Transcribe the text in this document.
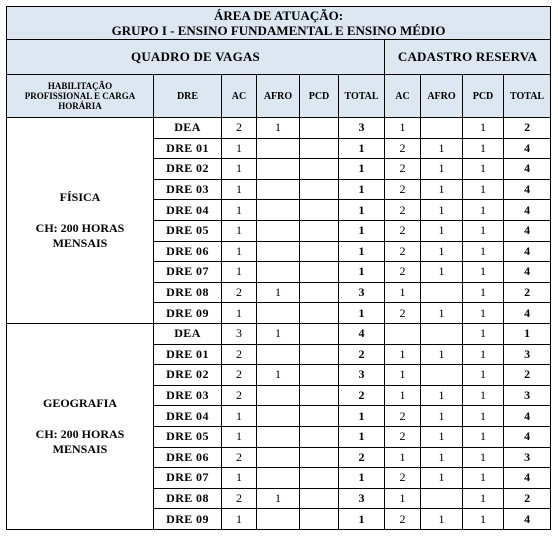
ÁREA DE ATUAÇÃO:
GRUPO I - ENSINO FUNDAMENTAL E ENSINO MÉDIO									

QUADRO DE VAGAS						CADASTRO RESERVA			

HABILITAÇÃO
PROFISSIONAL E CARGA
HORÁRIA	DRE	AC	AFRO	PCD	TOTAL	AC	AFRO	PCD	TOTAL

FÍSICA
CH: 200 HORAS
MENSAIS	DEA	2	1		3	1		1	2
	DRE 01	1			1	2	1	1	4
	DRE 02	1			1	2	1	1	4
	DRE 03	1			1	2	1	1	4
	DRE 04	1			1	2	1	1	4
	DRE 05	1			1	2	1	1	4
	DRE 06	1			1	2	1	1	4
	DRE 07	1			1	2	1	1	4
	DRE 08	2	1		3	1		1	2
	DRE 09	1			1	2	1	1	4

GEOGRAFIA
CH: 200 HORAS
MENSAIS	DEA	3	1		4			1	1
	DRE 01	2			2	1	1	1	3
	DRE 02	2	1		3	1		1	2
	DRE 03	2			2	1	1	1	3
	DRE 04	1			1	2	1	1	4
	DRE 05	1			1	2	1	1	4
	DRE 06	2			2	1	1	1	3
	DRE 07	1			1	2	1	1	4
	DRE 08	2	1		3	1		1	2
	DRE 09	1			1	2	1	1	4
